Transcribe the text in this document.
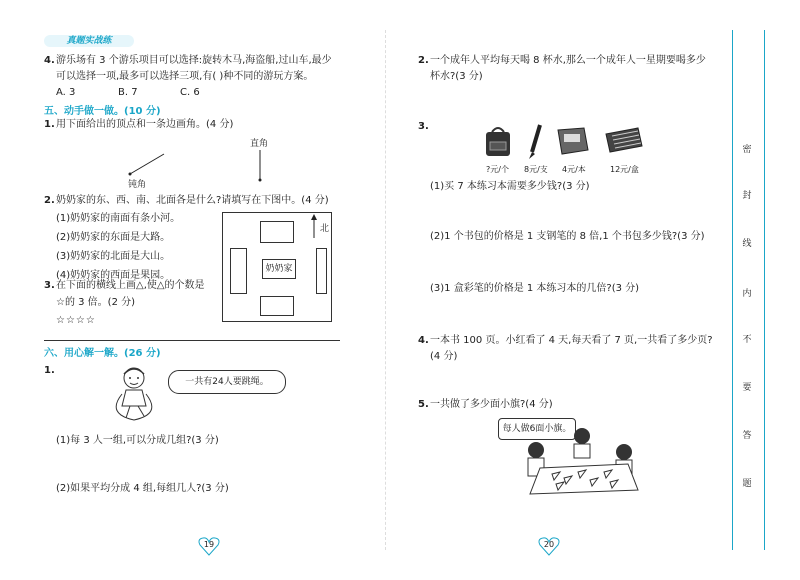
真题实战练
4. 游乐场有 3 个游乐项目可以选择:旋转木马,海盗船,过山车,最少
可以选择一项,最多可以选择三项,有( )种不同的游玩方案。
A. 3	B. 7	C. 6
五、动手做一做。(10 分)
1. 用下面给出的顶点和一条边画角。(4 分)
直角
钝角
2. 奶奶家的东、西、南、北面各是什么?请填写在下图中。(4 分)
(1)奶奶家的南面有条小河。
(2)奶奶家的东面是大路。
(3)奶奶家的北面是大山。
(4)奶奶家的西面是果园。
奶奶家
北
3. 在下面的横线上画△,使△的个数是
☆的 3 倍。(2 分)
☆☆☆☆
六、用心解一解。(26 分)
1.
一共有24人要跳绳。
(1)每 3 人一组,可以分成几组?(3 分)
(2)如果平均分成 4 组,每组几人?(3 分)
19
2. 一个成年人平均每天喝 8 杯水,那么一个成年人一星期要喝多少
杯水?(3 分)
3.
?元/个 8元/支 4元/本	12元/盒
(1)买 7 本练习本需要多少钱?(3 分)
(2)1 个书包的价格是 1 支钢笔的 8 倍,1 个书包多少钱?(3 分)
(3)1 盒彩笔的价格是 1 本练习本的几倍?(3 分)
4. 一本书 100 页。小红看了 4 天,每天看了 7 页,一共看了多少页?
(4 分)
5. 一共做了多少面小旗?(4 分)
每人做6面小旗。
20
密
封
线
内
不
要
答
题
